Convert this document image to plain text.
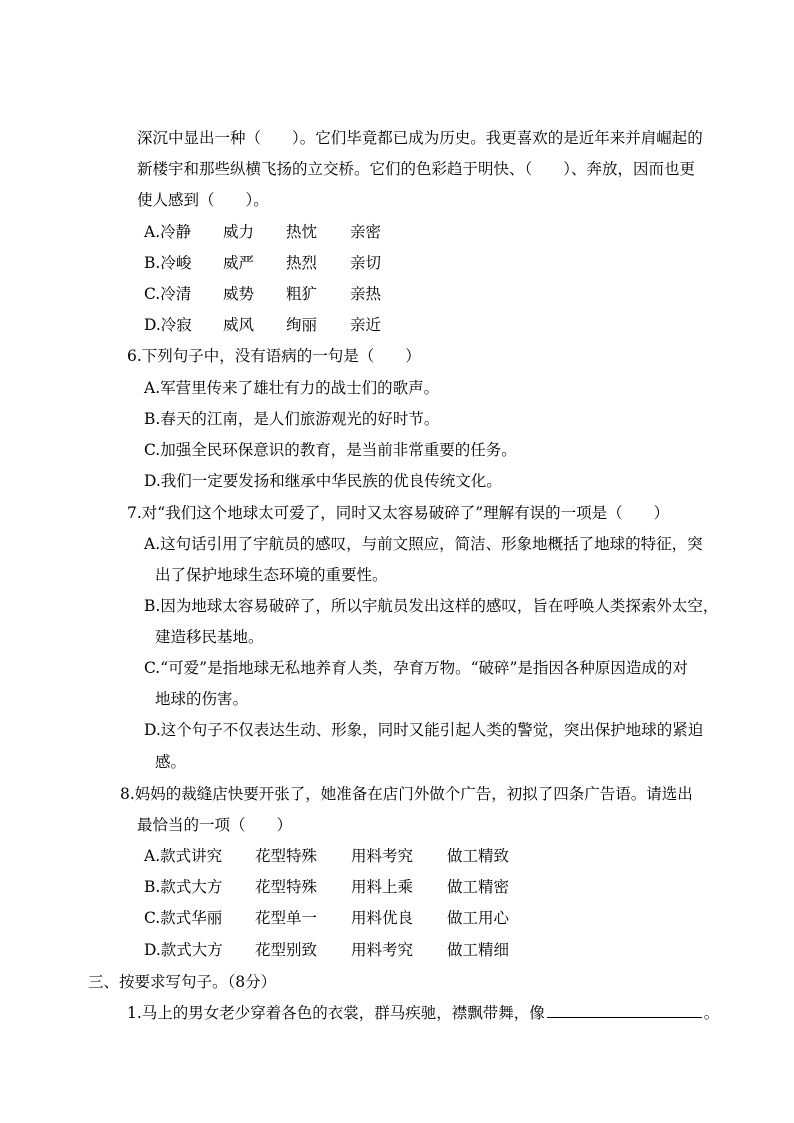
深沉中显出一种（　　）。它们毕竟都已成为历史。我更喜欢的是近年来并肩崛起的
新楼宇和那些纵横飞扬的立交桥。它们的色彩趋于明快、（　　）、奔放，因而也更
使人感到（　　）。
A.冷静 威力 热忱 亲密
B.冷峻 威严 热烈 亲切
C.冷清 威势 粗犷 亲热
D.冷寂 威风 绚丽 亲近
6.下列句子中，没有语病的一句是（　　）
A.军营里传来了雄壮有力的战士们的歌声。
B.春天的江南，是人们旅游观光的好时节。
C.加强全民环保意识的教育，是当前非常重要的任务。
D.我们一定要发扬和继承中华民族的优良传统文化。
7.对“我们这个地球太可爱了，同时又太容易破碎了”理解有误的一项是（　　）
A.这句话引用了宇航员的感叹，与前文照应，简洁、形象地概括了地球的特征，突
出了保护地球生态环境的重要性。
B.因为地球太容易破碎了，所以宇航员发出这样的感叹，旨在呼唤人类探索外太空，
建造移民基地。
C.“可爱”是指地球无私地养育人类，孕育万物。“破碎”是指因各种原因造成的对
地球的伤害。
D.这个句子不仅表达生动、形象，同时又能引起人类的警觉，突出保护地球的紧迫
感。
8.妈妈的裁缝店快要开张了，她准备在店门外做个广告，初拟了四条广告语。请选出
最恰当的一项（　　）
A.款式讲究 花型特殊 用料考究 做工精致
B.款式大方 花型特殊 用料上乘 做工精密
C.款式华丽 花型单一 用料优良 做工用心
D.款式大方 花型别致 用料考究 做工精细
三、按要求写句子。（8分）
1.马上的男女老少穿着各色的衣裳，群马疾驰，襟飘带舞，像	。
